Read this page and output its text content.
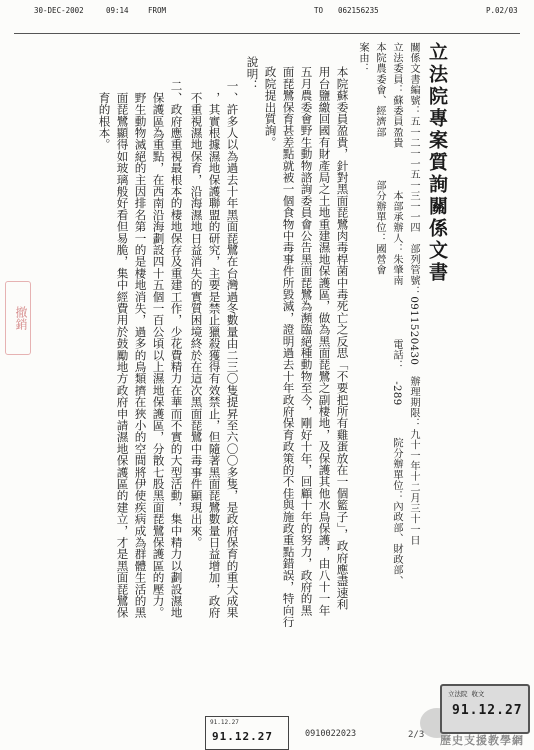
30-DEC-2002	09:14	FROM	TO 062156235	P.02/03
立法院專案質詢關係文書
關係文書編號：五一二一一五一三一一四　部列管號：0911520430　辦理期限：九十一年十二月三十一日
立法委員：蘇委員盈貴　　　　本部承辦人：朱肇南　　　　　電話：　-289　　　院分辦單位：內政部、財政部、
本院農委會、經濟部　　　　部分辦單位：國營會
案由：
本院蘇委員盈貴，針對黑面琵鷺肉毒桿菌中毒死亡之反思「不要把所有雞蛋放在一個籃子」，政府應盡速利
用台鹽繳回國有財產局之土地重建濕地保護區，做為黑面琵鷺之副棲地，及保護其他水鳥保護，由八十一年
五月農委會野生動物諮詢委員會公告黑面琵鷺為瀕臨絕種動物至今，剛好十年，回顧十年的努力，政府的黑
面琵鷺保育甚差點就被一個食物中毒事件所毀滅，證明過去十年政府保育政策的不佳與施政重點錯誤，特向行
政院提出質詢。
說明：
一、許多人以為過去十年黑面琵鷺在台灣過冬數量由二三〇隻提昇至六〇〇多隻，是政府保育的重大成果
　，其實根據濕地保護聯盟的研究，主要是禁止獵殺獲得有效禁止，但隨著黑面琵鷺數量日益增加，政府
　不重視濕地保育，沿海濕地日益消失的實質困境終於在這次黑面琵鷺中毒事件顯現出來。
二、政府應重視最根本的棲地保存及重建工作，少花費精力在華而不實的大型活動，集中精力以劃設濕地
　保護區為重點，在西南沿海劃設四十五個一百公頃以上濕地保護區，分散七股黑面琵鷺保護區的壓力。
　野生動物滅絕的主因排名第一的是棲地消失，過多的鳥類擠在狹小的空間將伊使疾病成為群體生活的黑
　面琵鷺顯得如玻璃般好看但易脆，集中經費用於鼓勵地方政府申請濕地保護區的建立，才是黑面琵鷺保
　育的根本。
撤銷
91.12.27
91.12.27	0910022023
立法院 收文
91.12.27
2/3 歷史支援教學網
